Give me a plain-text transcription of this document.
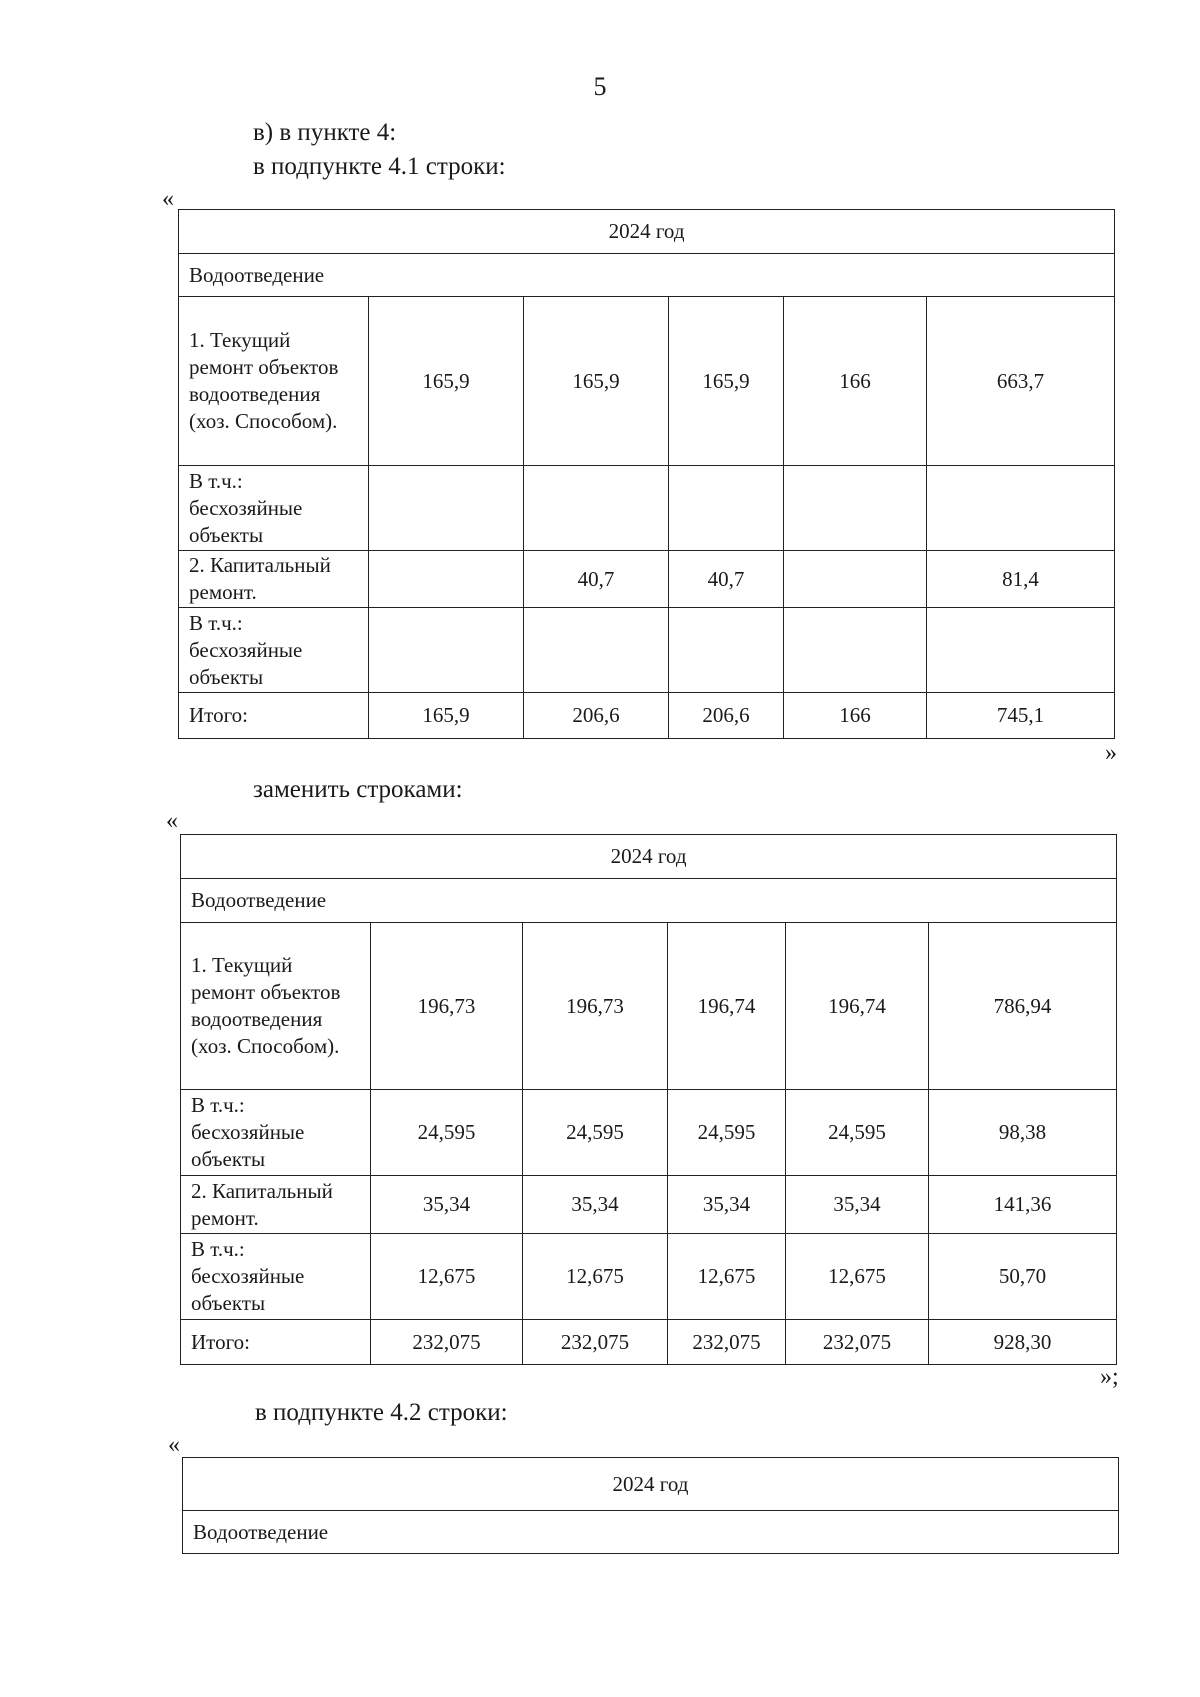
5
в) в пункте 4:
в подпункте 4.1 строки:
«
2024 год					
Водоотведение					
1. Текущий ремонт объектов водоотведения (хоз. Способом).	165,9	165,9	165,9	166	663,7
В т.ч.: бесхозяйные объекты					
2. Капитальный ремонт.		40,7	40,7		81,4
В т.ч.: бесхозяйные объекты					
Итого:	165,9	206,6	206,6	166	745,1
»
заменить строками:
«
2024 год					
Водоотведение					
1. Текущий ремонт объектов водоотведения (хоз. Способом).	196,73	196,73	196,74	196,74	786,94
В т.ч.: бесхозяйные объекты	24,595	24,595	24,595	24,595	98,38
2. Капитальный ремонт.	35,34	35,34	35,34	35,34	141,36
В т.ч.: бесхозяйные объекты	12,675	12,675	12,675	12,675	50,70
Итого:	232,075	232,075	232,075	232,075	928,30
»;
в подпункте 4.2 строки:
«
2024 год
Водоотведение
